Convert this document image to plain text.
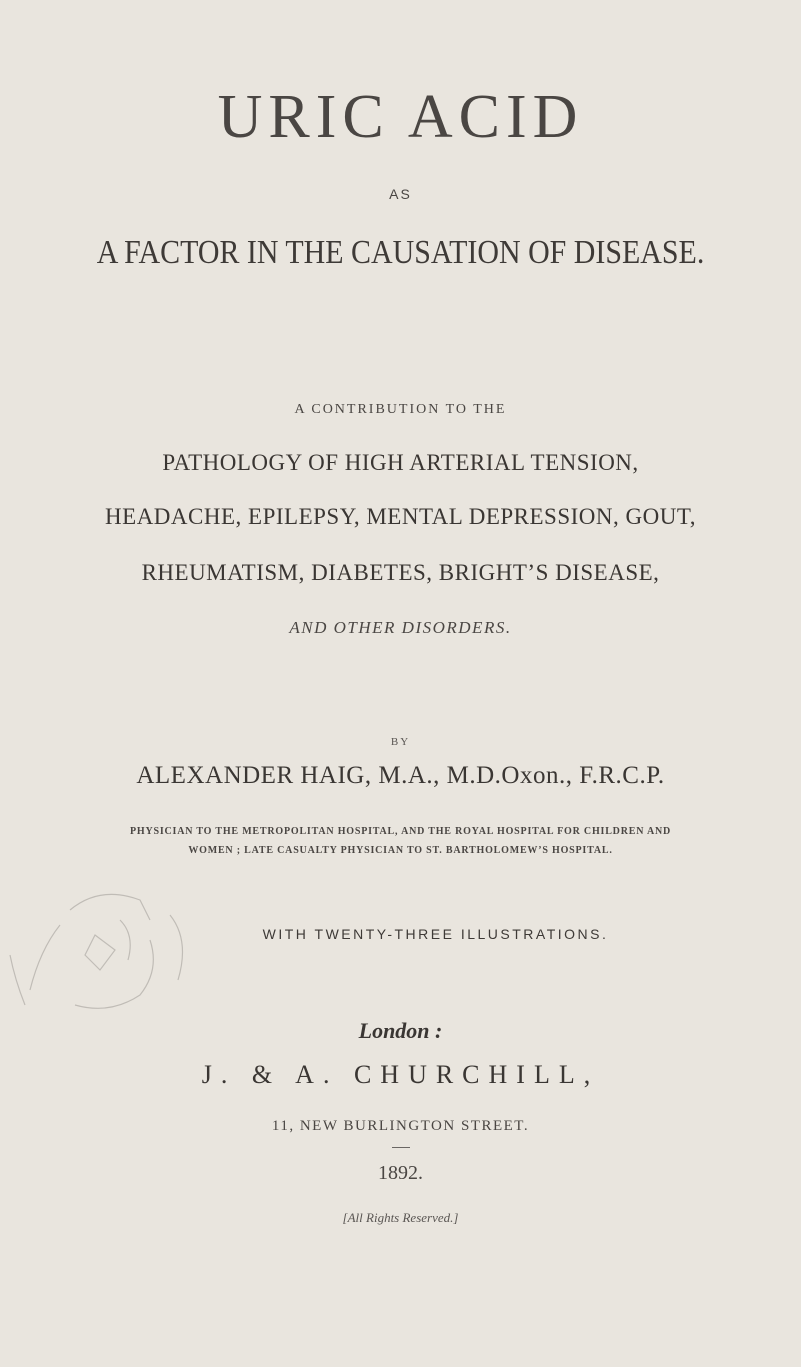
URIC ACID
AS
A FACTOR IN THE CAUSATION OF DISEASE.
A CONTRIBUTION TO THE
PATHOLOGY OF HIGH ARTERIAL TENSION,
HEADACHE, EPILEPSY, MENTAL DEPRESSION, GOUT,
RHEUMATISM, DIABETES, BRIGHT’S DISEASE,
AND OTHER DISORDERS.
BY
ALEXANDER HAIG, M.A., M.D.Oxon., F.R.C.P.
PHYSICIAN TO THE METROPOLITAN HOSPITAL, AND THE ROYAL HOSPITAL FOR CHILDREN AND
WOMEN ; LATE CASUALTY PHYSICIAN TO ST. BARTHOLOMEW’S HOSPITAL.
WITH TWENTY-THREE ILLUSTRATIONS.
London :
J. & A. CHURCHILL,
11, NEW BURLINGTON STREET.
1892.
[All Rights Reserved.]
